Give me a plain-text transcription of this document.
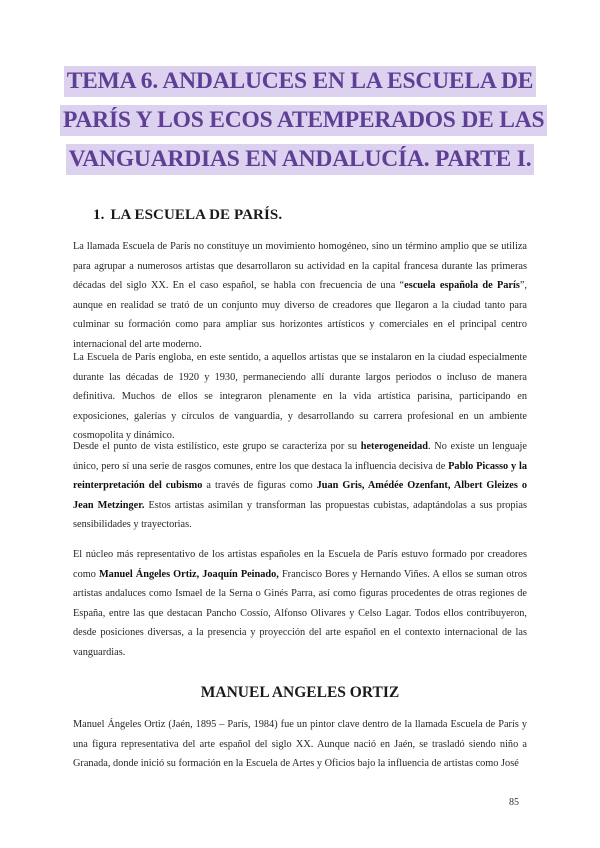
TEMA 6. ANDALUCES EN LA ESCUELA DE
PARÍS Y LOS ECOS ATEMPERADOS DE LAS
VANGUARDIAS EN ANDALUCÍA. PARTE I.
1. LA ESCUELA DE PARÍS.
La llamada Escuela de París no constituye un movimiento homogéneo, sino un término amplio que se utiliza para agrupar a numerosos artistas que desarrollaron su actividad en la capital francesa durante las primeras décadas del siglo XX. En el caso español, se habla con frecuencia de una “escuela española de París”, aunque en realidad se trató de un conjunto muy diverso de creadores que llegaron a la ciudad tanto para culminar su formación como para ampliar sus horizontes artísticos y comerciales en el principal centro internacional del arte moderno.
La Escuela de París engloba, en este sentido, a aquellos artistas que se instalaron en la ciudad especialmente durante las décadas de 1920 y 1930, permaneciendo allí durante largos periodos o incluso de manera definitiva. Muchos de ellos se integraron plenamente en la vida artística parisina, participando en exposiciones, galerías y círculos de vanguardia, y desarrollando su carrera profesional en un ambiente cosmopolita y dinámico.
Desde el punto de vista estilístico, este grupo se caracteriza por su heterogeneidad. No existe un lenguaje único, pero sí una serie de rasgos comunes, entre los que destaca la influencia decisiva de Pablo Picasso y la reinterpretación del cubismo a través de figuras como Juan Gris, Amédée Ozenfant, Albert Gleizes o Jean Metzinger. Estos artistas asimilan y transforman las propuestas cubistas, adaptándolas a sus propias sensibilidades y trayectorias.
El núcleo más representativo de los artistas españoles en la Escuela de París estuvo formado por creadores como Manuel Ángeles Ortiz, Joaquín Peinado, Francisco Bores y Hernando Viñes. A ellos se suman otros artistas andaluces como Ismael de la Serna o Ginés Parra, así como figuras procedentes de otras regiones de España, entre las que destacan Pancho Cossío, Alfonso Olivares y Celso Lagar. Todos ellos contribuyeron, desde posiciones diversas, a la presencia y proyección del arte español en el contexto internacional de las vanguardias.
MANUEL ANGELES ORTIZ
Manuel Ángeles Ortiz (Jaén, 1895 – París, 1984) fue un pintor clave dentro de la llamada Escuela de París y una figura representativa del arte español del siglo XX. Aunque nació en Jaén, se trasladó siendo niño a Granada, donde inició su formación en la Escuela de Artes y Oficios bajo la influencia de artistas como José
85
